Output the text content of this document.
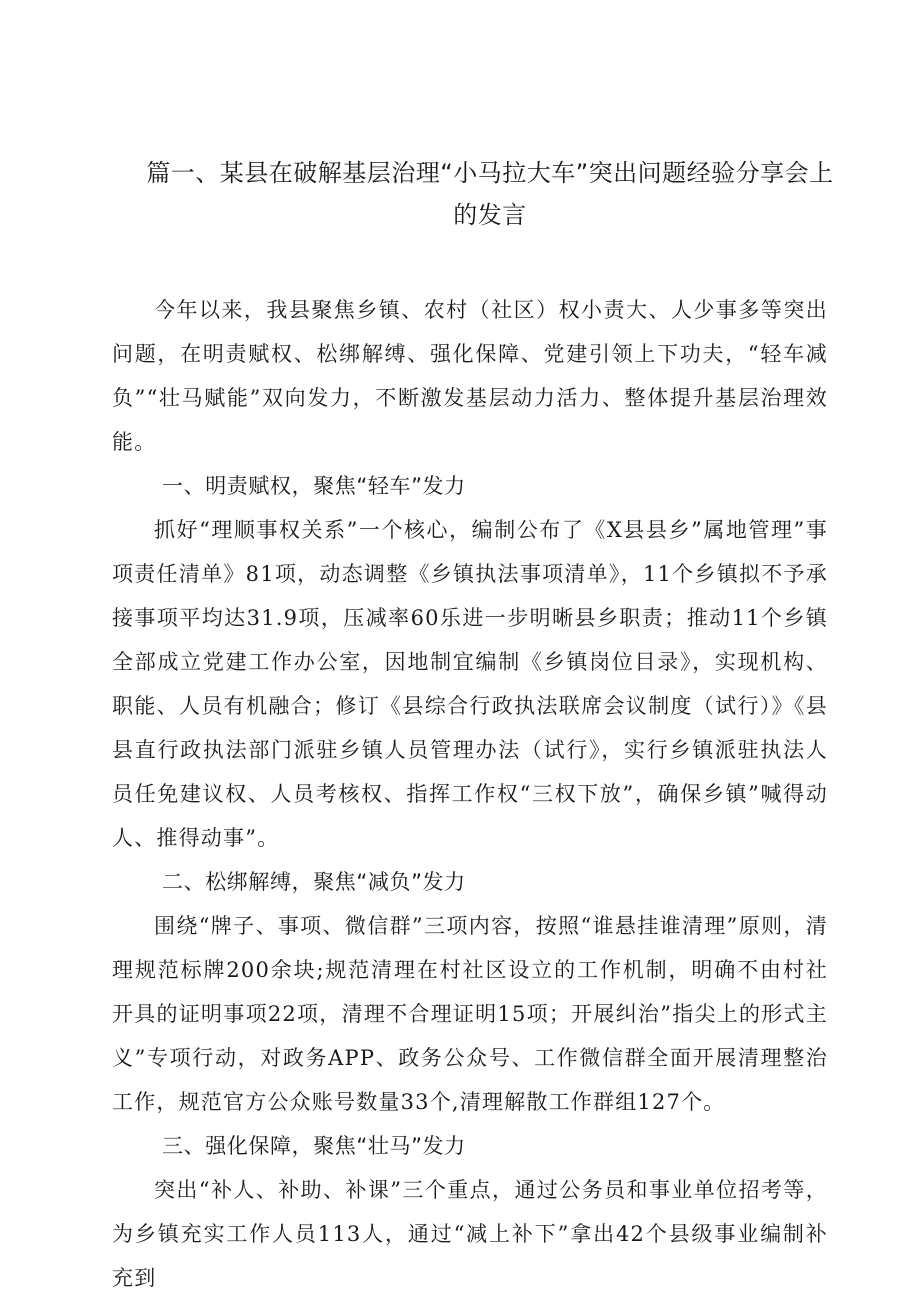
篇一、某县在破解基层治理“小马拉大车”突出问题经验分享会上的发言

今年以来，我县聚焦乡镇、农村（社区）权小责大、人少事多等突出问题，在明责赋权、松绑解缚、强化保障、党建引领上下功夫，“轻车减负”“壮马赋能”双向发力，不断激发基层动力活力、整体提升基层治理效能。

一、明责赋权，聚焦“轻车”发力

抓好“理顺事权关系”一个核心，编制公布了《X县县乡”属地管理”事项责任清单》81项，动态调整《乡镇执法事项清单》，11个乡镇拟不予承接事项平均达31.9项，压减率60乐进一步明晰县乡职责；推动11个乡镇全部成立党建工作办公室，因地制宜编制《乡镇岗位目录》，实现机构、职能、人员有机融合；修订《县综合行政执法联席会议制度（试行）》《县县直行政执法部门派驻乡镇人员管理办法（试行》，实行乡镇派驻执法人员任免建议权、人员考核权、指挥工作权“三权下放”，确保乡镇”喊得动人、推得动事”。

二、松绑解缚，聚焦“减负”发力

围绕“牌子、事项、微信群”三项内容，按照“谁悬挂谁清理”原则，清理规范标牌200余块;规范清理在村社区设立的工作机制，明确不由村社开具的证明事项22项，清理不合理证明15项；开展纠治”指尖上的形式主义”专项行动，对政务APP、政务公众号、工作微信群全面开展清理整治工作，规范官方公众账号数量33个,清理解散工作群组127个。

三、强化保障，聚焦“壮马”发力

突出“补人、补助、补课”三个重点，通过公务员和事业单位招考等，为乡镇充实工作人员113人，通过“减上补下”拿出42个县级事业编制补充到
